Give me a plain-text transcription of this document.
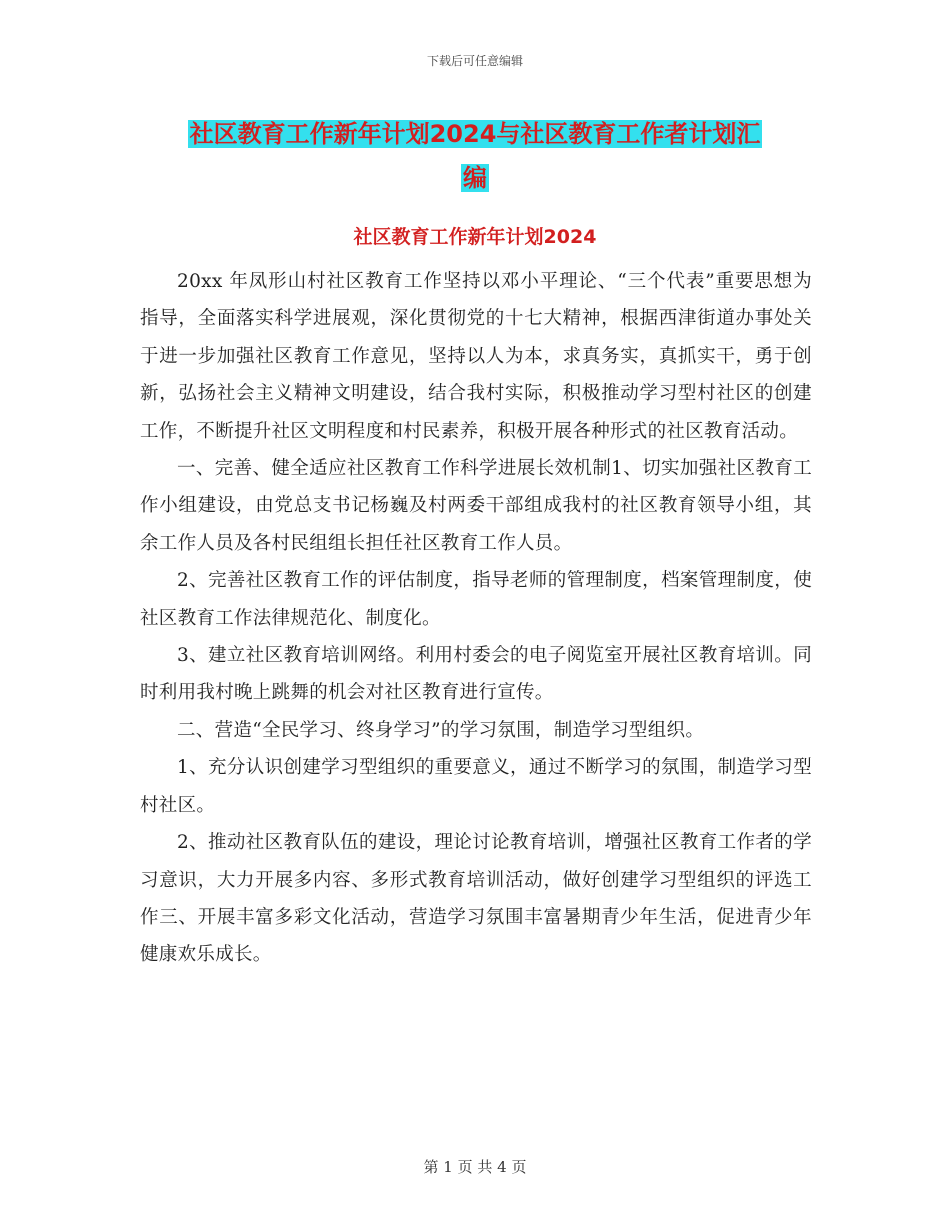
下载后可任意编辑
社区教育工作新年计划2024与社区教育工作者计划汇
编
社区教育工作新年计划2024

20xx 年凤形山村社区教育工作坚持以邓小平理论、“三个代表”重要思想为指导，全面落实科学进展观，深化贯彻党的十七大精神，根据西津街道办事处关于进一步加强社区教育工作意见，坚持以人为本，求真务实，真抓实干，勇于创新，弘扬社会主义精神文明建设，结合我村实际，积极推动学习型村社区的创建工作，不断提升社区文明程度和村民素养，积极开展各种形式的社区教育活动。

一、完善、健全适应社区教育工作科学进展长效机制1、切实加强社区教育工作小组建设，由党总支书记杨巍及村两委干部组成我村的社区教育领导小组，其余工作人员及各村民组组长担任社区教育工作人员。

2、完善社区教育工作的评估制度，指导老师的管理制度，档案管理制度，使社区教育工作法律规范化、制度化。

3、建立社区教育培训网络。利用村委会的电子阅览室开展社区教育培训。同时利用我村晚上跳舞的机会对社区教育进行宣传。

二、营造“全民学习、终身学习”的学习氛围，制造学习型组织。

1、充分认识创建学习型组织的重要意义，通过不断学习的氛围，制造学习型村社区。

2、推动社区教育队伍的建设，理论讨论教育培训，增强社区教育工作者的学习意识，大力开展多内容、多形式教育培训活动，做好创建学习型组织的评选工作三、开展丰富多彩文化活动，营造学习氛围丰富暑期青少年生活，促进青少年健康欢乐成长。

第 1 页 共 4 页
